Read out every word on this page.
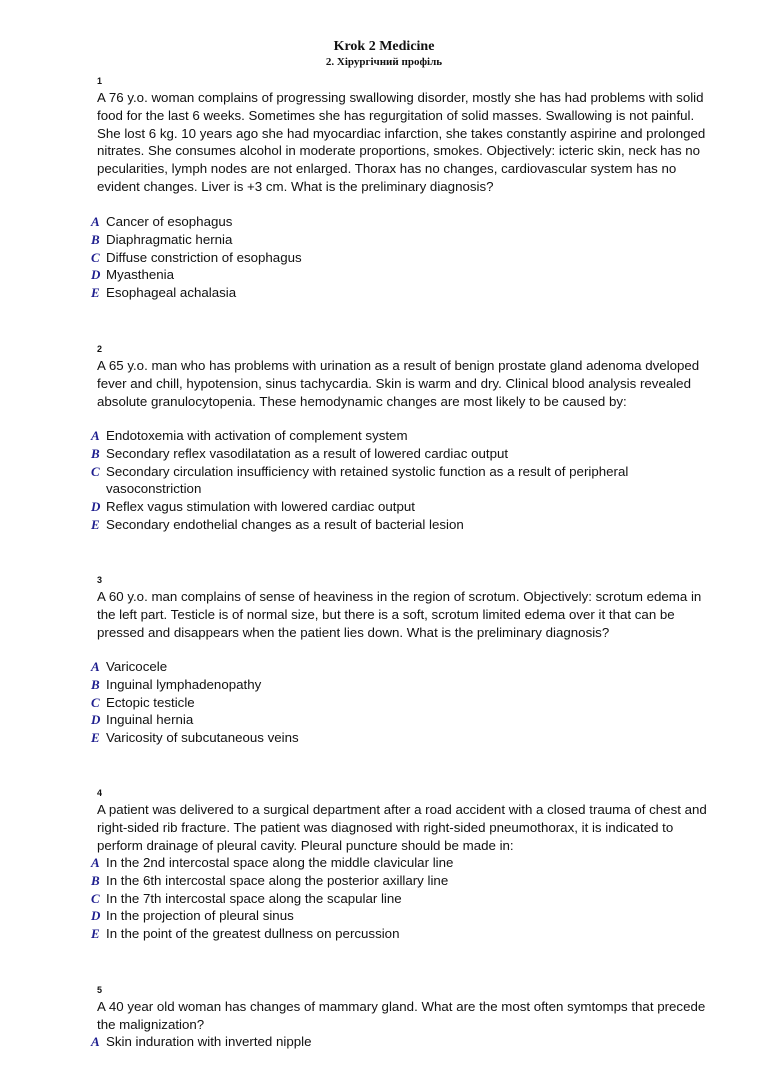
Krok 2 Medicine
2. Хірургічний профіль
1
A 76 y.o. woman complains of progressing swallowing disorder, mostly she has had problems with solid food for the last 6 weeks. Sometimes she has regurgitation of solid masses. Swallowing is not painful. She lost 6 kg. 10 years ago she had myocardiac infarction, she takes constantly aspirine and prolonged nitrates. She consumes alcohol in moderate proportions, smokes. Objectively: icteric skin, neck has no pecularities, lymph nodes are not enlarged. Thorax has no changes, cardiovascular system has no evident changes. Liver is +3 cm. What is the preliminary diagnosis?
A Cancer of esophagus
B Diaphragmatic hernia
C Diffuse constriction of esophagus
D Myasthenia
E Esophageal achalasia
2
A 65 y.o. man who has problems with urination as a result of benign prostate gland adenoma dveloped fever and chill, hypotension, sinus tachycardia. Skin is warm and dry. Clinical blood analysis revealed absolute granulocytopenia. These hemodynamic changes are most likely to be caused by:
A Endotoxemia with activation of complement system
B Secondary reflex vasodilatation as a result of lowered cardiac output
C Secondary circulation insufficiency with retained systolic function as a result of peripheral vasoconstriction
D Reflex vagus stimulation with lowered cardiac output
E Secondary endothelial changes as a result of bacterial lesion
3
A 60 y.o. man complains of sense of heaviness in the region of scrotum. Objectively: scrotum edema in the left part. Testicle is of normal size, but there is a soft, scrotum limited edema over it that can be pressed and disappears when the patient lies down. What is the preliminary diagnosis?
A Varicocele
B Inguinal lymphadenopathy
C Ectopic testicle
D Inguinal hernia
E Varicosity of subcutaneous veins
4
A patient was delivered to a surgical department after a road accident with a closed trauma of chest and right-sided rib fracture. The patient was diagnosed with right-sided pneumothorax, it is indicated to perform drainage of pleural cavity. Pleural puncture should be made in:
A In the 2nd intercostal space along the middle clavicular line
B In the 6th intercostal space along the posterior axillary line
C In the 7th intercostal space along the scapular line
D In the projection of pleural sinus
E In the point of the greatest dullness on percussion
5
A 40 year old woman has changes of mammary gland. What are the most often symtomps that precede the malignization?
A Skin induration with inverted nipple
